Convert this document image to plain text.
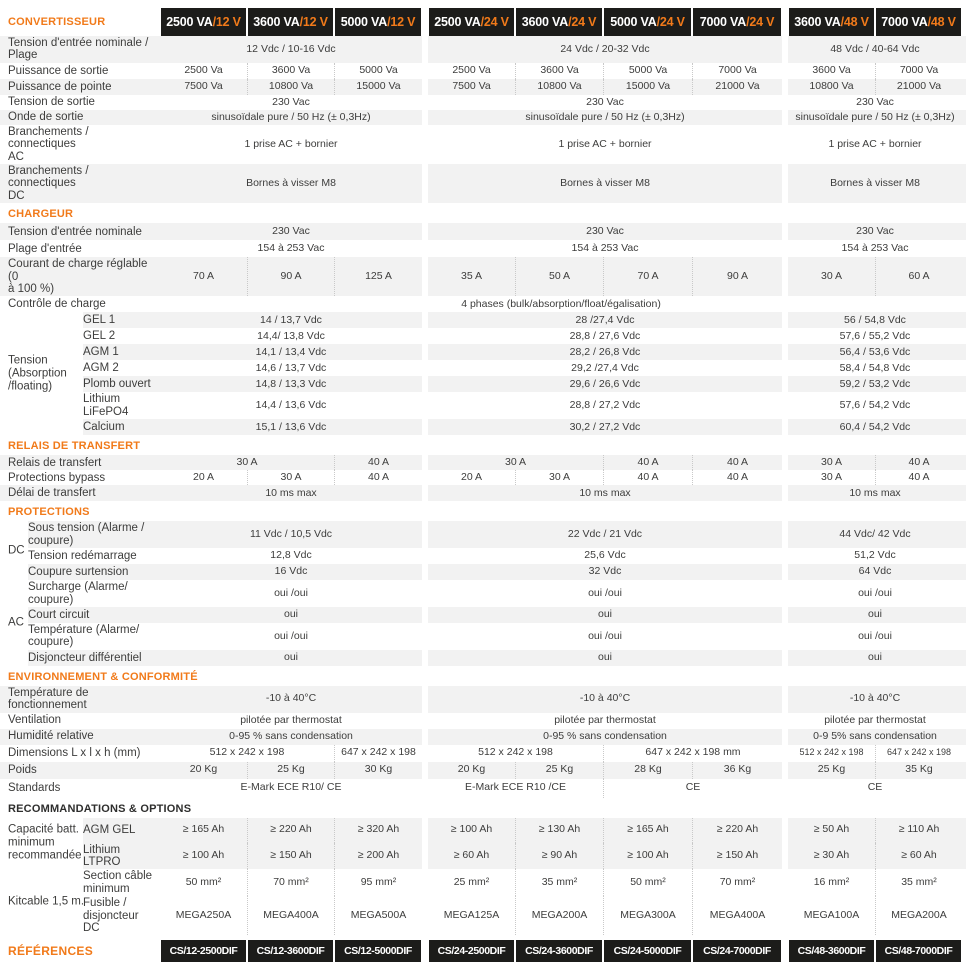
CONVERTISSEUR	2500 VA /12 V 3600 VA /12 V 5000 VA /12 V 2500 VA /24 V 3600 VA /24 V 5000 VA /24 V 7000 VA /24 V 3600 VA /48 V 7000 VA /48 V
Tension d'entrée nominale /
Plage
12 Vdc / 10-16 Vdc	24 Vdc / 20-32 Vdc	48 Vdc / 40-64 Vdc
Puissance de sortie	2500 Va	3600 Va	5000 Va	2500 Va	3600 Va	5000 Va	7000 Va	3600 Va	7000 Va
Puissance de pointe	7500 Va	10800 Va	15000 Va	7500 Va	10800 Va	15000 Va	21000 Va	10800 Va	21000 Va
Tension de sortie	230 Vac	230 Vac	230 Vac
Onde de sortie	sinusoïdale pure / 50 Hz (± 0,3Hz)	sinusoïdale pure / 50 Hz (± 0,3Hz)	sinusoïdale pure / 50 Hz (± 0,3Hz)
Branchements / connectiques
AC
1 prise AC + bornier	1 prise AC + bornier	1 prise AC + bornier
Branchements / connectiques
DC
Bornes à visser M8	Bornes à visser M8	Bornes à visser M8
CHARGEUR
Tension d'entrée nominale	230 Vac	230 Vac	230 Vac
Plage d'entrée	154 à 253 Vac	154 à 253 Vac	154 à 253 Vac
Courant de charge réglable (0
à 100 %)
70 A	90 A	125 A	35 A	50 A	70 A	90 A	30 A	60 A
Contrôle de charge	4 phases (bulk/absorption/float/égalisation)
Tension
(Absorption
/floating)
GEL 1	14 / 13,7 Vdc	28 /27,4 Vdc	56 / 54,8 Vdc
GEL 2	14,4/ 13,8 Vdc	28,8 / 27,6 Vdc	57,6 / 55,2 Vdc
AGM 1	14,1 / 13,4 Vdc	28,2 / 26,8 Vdc	56,4 / 53,6 Vdc
AGM 2	14,6 / 13,7 Vdc	29,2 /27,4 Vdc	58,4 / 54,8 Vdc
Plomb ouvert	14,8 / 13,3 Vdc	29,6 / 26,6 Vdc	59,2 / 53,2 Vdc
Lithium LiFePO4
14,4 / 13,6 Vdc	28,8 / 27,2 Vdc	57,6 / 54,2 Vdc
Calcium	15,1 / 13,6 Vdc	30,2 / 27,2 Vdc	60,4 / 54,2 Vdc
RELAIS DE TRANSFERT
Relais de transfert	30 A	40 A	30 A	40 A	40 A	30 A	40 A
Protections bypass	20 A	30 A	40 A	20 A	30 A	40 A	40 A	30 A	40 A
Délai de transfert	10 ms max	10 ms max	10 ms max
PROTECTIONS
DC
Sous tension (Alarme /
coupure)
11 Vdc / 10,5 Vdc	22 Vdc / 21 Vdc	44 Vdc/ 42 Vdc
Tension redémarrage	12,8 Vdc	25,6 Vdc	51,2 Vdc
Coupure surtension	16 Vdc	32 Vdc	64 Vdc
AC
Surcharge (Alarme/
coupure)
oui /oui	oui /oui	oui /oui
Court circuit	oui	oui	oui
Température (Alarme/
coupure)
oui /oui	oui /oui	oui /oui
Disjoncteur différentiel	oui	oui	oui
ENVIRONNEMENT & CONFORMITÉ
Température de
fonctionnement
-10 à 40°C	-10 à 40°C	-10 à 40°C
Ventilation	pilotée par thermostat	pilotée par thermostat	pilotée par thermostat
Humidité relative	0-95 % sans condensation	0-95 % sans condensation	0-9 5% sans condensation
Dimensions L x l x h (mm)	512 x 242 x 198	647 x 242 x 198	512 x 242 x 198	647 x 242 x 198 mm	512 x 242 x 198	647 x 242 x 198
Poids	20 Kg	25 Kg	30 Kg	20 Kg	25 Kg	28 Kg	36 Kg	25 Kg	35 Kg
Standards	E-Mark ECE R10/ CE	E-Mark ECE R10 /CE	CE	CE
RECOMMANDATIONS & OPTIONS
Capacité batt.
minimum
recommandée
AGM GEL	≥ 165 Ah	≥ 220 Ah	≥ 320 Ah	≥ 100 Ah	≥ 130 Ah	≥ 165 Ah	≥ 220 Ah	≥ 50 Ah	≥ 110 Ah
Lithium LTPRO
≥ 100 Ah	≥ 150 Ah	≥ 200 Ah	≥ 60 Ah	≥ 90 Ah	≥ 100 Ah	≥ 150 Ah	≥ 30 Ah	≥ 60 Ah
Kitcable 1,5 m.
Section câble
minimum
50 mm²	70 mm²	95 mm²	25 mm²	35 mm²	50 mm²	70 mm²	16 mm²	35 mm²
Fusible /
disjoncteur DC
MEGA250A	MEGA400A	MEGA500A	MEGA125A	MEGA200A	MEGA300A	MEGA400A	MEGA100A	MEGA200A
RÉFÉRENCES	CS/12-2500DIF	CS/12-3600DIF	CS/12-5000DIF	CS/24-2500DIF	CS/24-3600DIF	CS/24-5000DIF	CS/24-7000DIF	CS/48-3600DIF	CS/48-7000DIF
